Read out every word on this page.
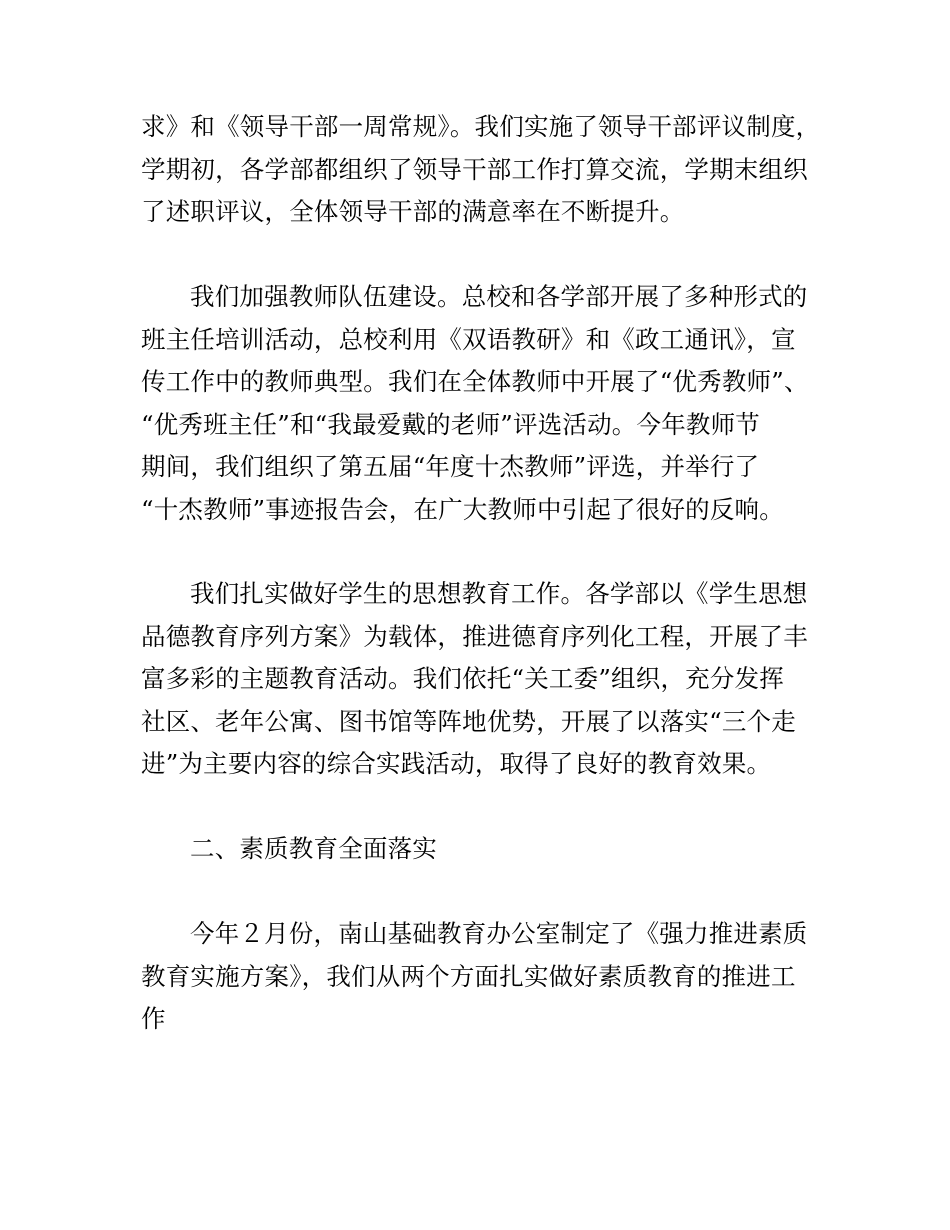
求》和《领导干部一周常规》。我们实施了领导干部评议制度，
学期初，各学部都组织了领导干部工作打算交流，学期末组织
了述职评议，全体领导干部的满意率在不断提升。
我们加强教师队伍建设。总校和各学部开展了多种形式的
班主任培训活动，总校利用《双语教研》和《政工通讯》，宣
传工作中的教师典型。我们在全体教师中开展了“优秀教师”、
“优秀班主任”和“我最爱戴的老师”评选活动。今年教师节
期间，我们组织了第五届“年度十杰教师”评选，并举行了
“十杰教师”事迹报告会，在广大教师中引起了很好的反响。
我们扎实做好学生的思想教育工作。各学部以《学生思想
品德教育序列方案》为载体，推进德育序列化工程，开展了丰
富多彩的主题教育活动。我们依托“关工委”组织，充分发挥
社区、老年公寓、图书馆等阵地优势，开展了以落实“三个走
进”为主要内容的综合实践活动，取得了良好的教育效果。
二、素质教育全面落实
今年２月份，南山基础教育办公室制定了《强力推进素质
教育实施方案》，我们从两个方面扎实做好素质教育的推进工
作
